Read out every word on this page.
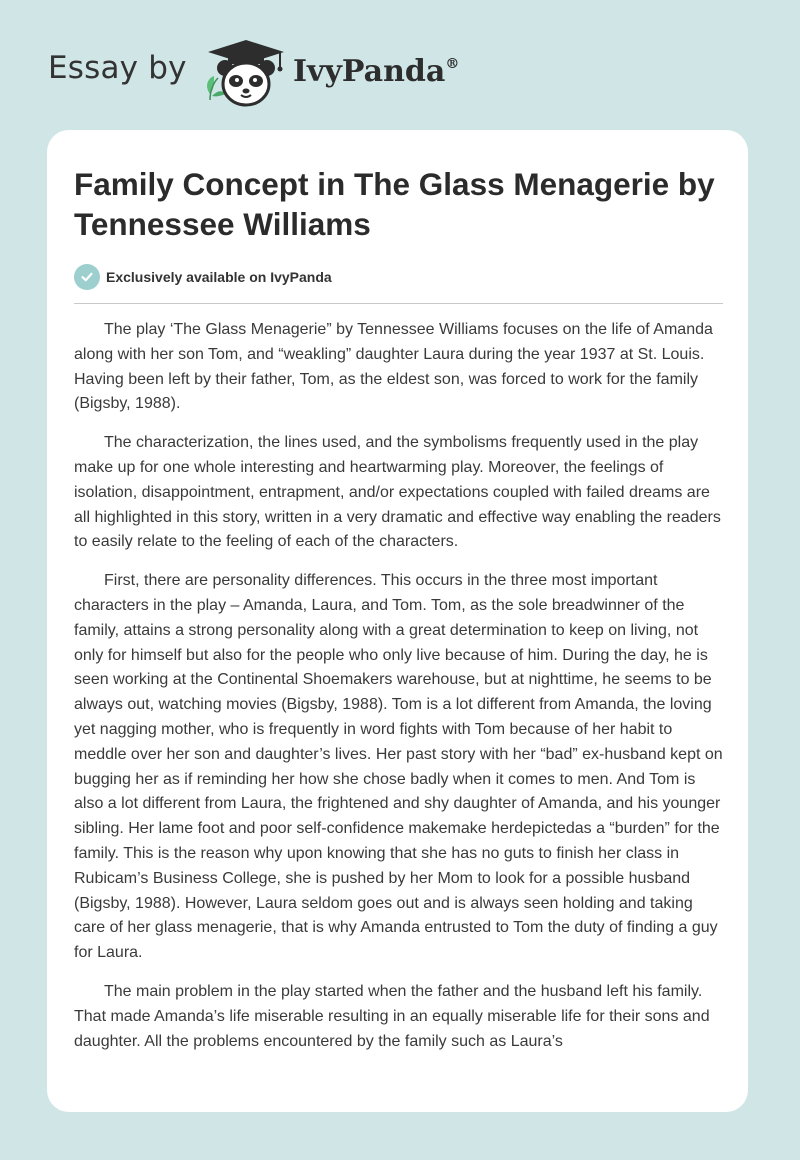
Essay by	IvyPanda®
Family Concept in The Glass Menagerie by Tennessee Williams
Exclusively available on IvyPanda

The play ‘The Glass Menagerie” by Tennessee Williams focuses on the life of Amanda along with her son Tom, and “weakling” daughter Laura during the year 1937 at St. Louis. Having been left by their father, Tom, as the eldest son, was forced to work for the family (Bigsby, 1988).

The characterization, the lines used, and the symbolisms frequently used in the play make up for one whole interesting and heartwarming play. Moreover, the feelings of isolation, disappointment, entrapment, and/or expectations coupled with failed dreams are all highlighted in this story, written in a very dramatic and effective way enabling the readers to easily relate to the feeling of each of the characters.

First, there are personality differences. This occurs in the three most important characters in the play – Amanda, Laura, and Tom. Tom, as the sole breadwinner of the family, attains a strong personality along with a great determination to keep on living, not only for himself but also for the people who only live because of him. During the day, he is seen working at the Continental Shoemakers warehouse, but at nighttime, he seems to be always out, watching movies (Bigsby, 1988). Tom is a lot different from Amanda, the loving yet nagging mother, who is frequently in word fights with Tom because of her habit to meddle over her son and daughter’s lives. Her past story with her “bad” ex-husband kept on bugging her as if reminding her how she chose badly when it comes to men. And Tom is also a lot different from Laura, the frightened and shy daughter of Amanda, and his younger sibling. Her lame foot and poor self-confidence makemake herdepictedas a “burden” for the family. This is the reason why upon knowing that she has no guts to finish her class in Rubicam’s Business College, she is pushed by her Mom to look for a possible husband (Bigsby, 1988). However, Laura seldom goes out and is always seen holding and taking care of her glass menagerie, that is why Amanda entrusted to Tom the duty of finding a guy for Laura.

The main problem in the play started when the father and the husband left his family. That made Amanda’s life miserable resulting in an equally miserable life for their sons and daughter. All the problems encountered by the family such as Laura’s
